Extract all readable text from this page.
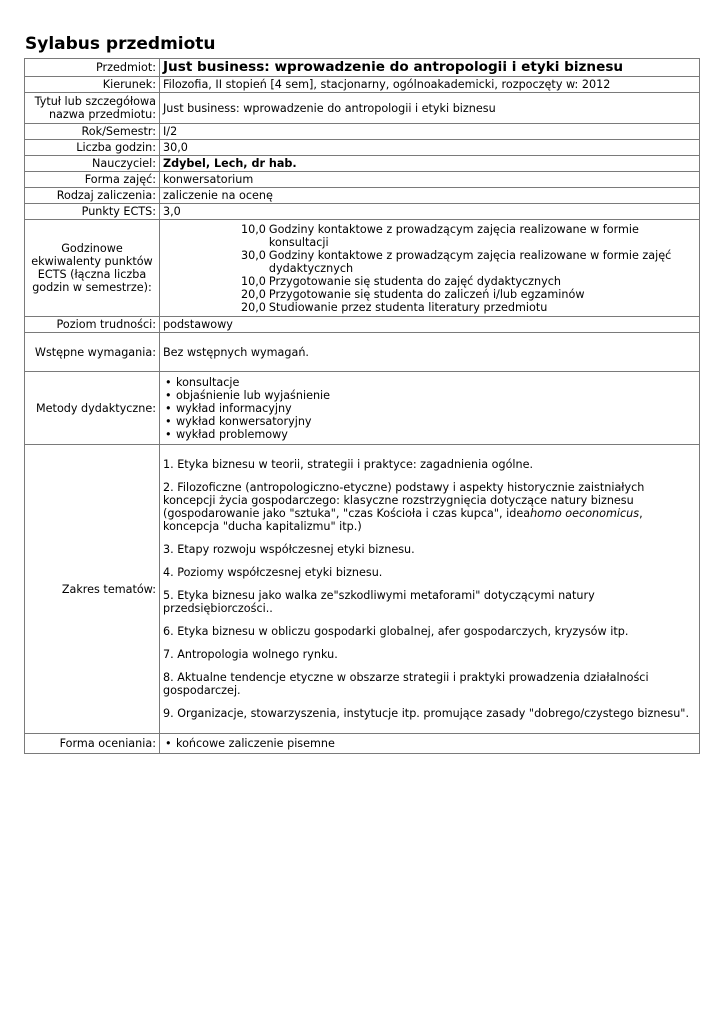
Sylabus przedmiotu
Przedmiot:	Just business: wprowadzenie do antropologii i etyki biznesu
Kierunek:	Filozofia, II stopień [4 sem], stacjonarny, ogólnoakademicki, rozpoczęty w: 2012
Tytuł lub szczegółowa nazwa przedmiotu:	Just business: wprowadzenie do antropologii i etyki biznesu
Rok/Semestr:	I/2
Liczba godzin:	30,0
Nauczyciel:	Zdybel, Lech, dr hab.
Forma zajęć:	konwersatorium
Rodzaj zaliczenia:	zaliczenie na ocenę
Punkty ECTS:	3,0
Godzinowe ekwiwalenty punktów ECTS (łączna liczba godzin w semestrze):	
10,0	Godziny kontaktowe z prowadzącym zajęcia realizowane w formie konsultacji
30,0	Godziny kontaktowe z prowadzącym zajęcia realizowane w formie zajęć dydaktycznych
10,0	Przygotowanie się studenta do zajęć dydaktycznych
20,0	Przygotowanie się studenta do zaliczeń i/lub egzaminów
20,0	Studiowanie przez studenta literatury przedmiotu

Poziom trudności:	podstawowy
Wstępne wymagania:	Bez wstępnych wymagań.
Metody dydaktyczne:	
• konsultacje
• objaśnienie lub wyjaśnienie
• wykład informacyjny
• wykład konwersatoryjny
• wykład problemowy

Zakres tematów:	

1. Etyka biznesu w teorii, strategii i praktyce: zagadnienia ogólne.

2. Filozoficzne (antropologiczno-etyczne) podstawy i aspekty historycznie zaistniałych koncepcji życia gospodarczego: klasyczne rozstrzygnięcia dotyczące natury biznesu (gospodarowanie jako "sztuka", "czas Kościoła i czas kupca", ideahomo oeconomicus, koncepcja "ducha kapitalizmu" itp.)

3. Etapy rozwoju współczesnej etyki biznesu.

4. Poziomy współczesnej etyki biznesu.

5. Etyka biznesu jako walka ze"szkodliwymi metaforami" dotyczącymi natury przedsiębiorczości..

6. Etyka biznesu w obliczu gospodarki globalnej, afer gospodarczych, kryzysów itp.

7. Antropologia wolnego rynku.

8. Aktualne tendencje etyczne w obszarze strategii i praktyki prowadzenia działalności gospodarczej.

9. Organizacje, stowarzyszenia, instytucje itp. promujące zasady "dobrego/czystego biznesu".

Forma oceniania:	
•końcowe zaliczenie pisemne
